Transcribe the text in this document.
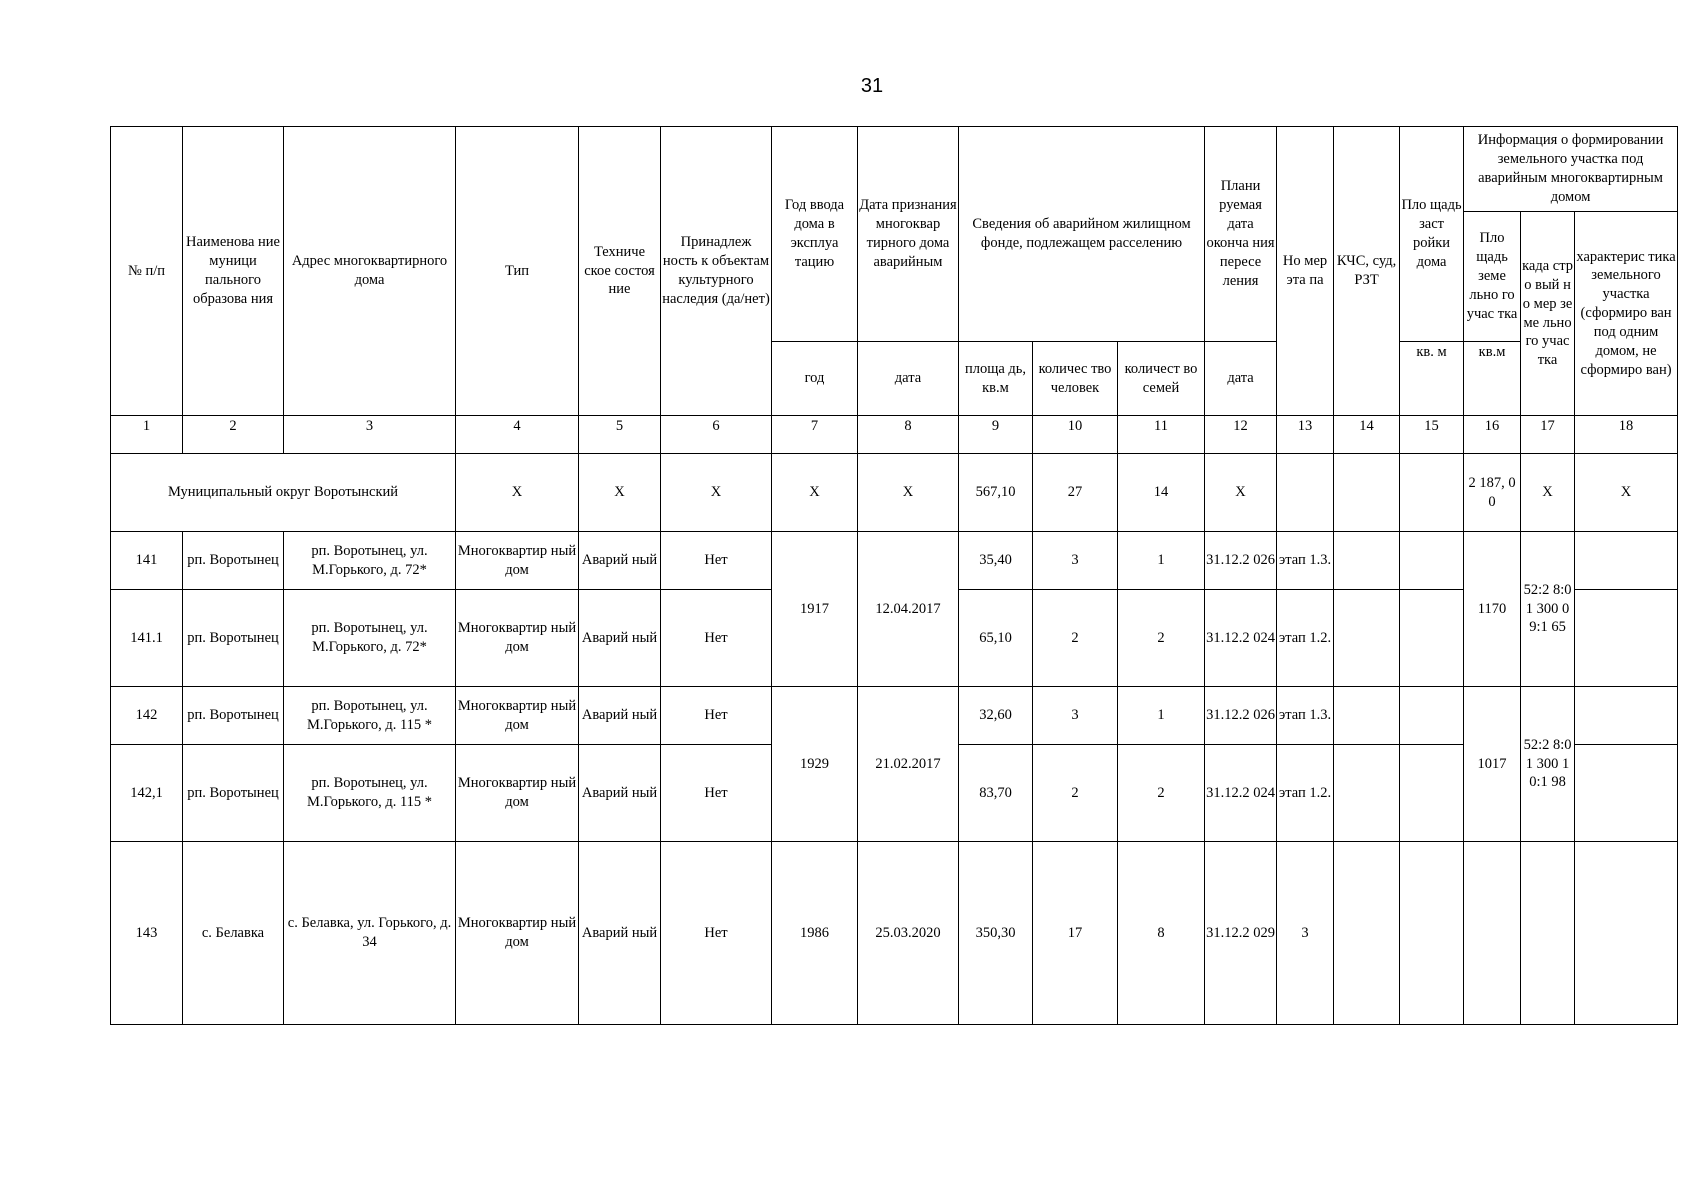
31
№ п/п	Наименова ние муници пального образова ния	Адрес многоквартирного дома	Тип	Техниче ское состоя ние	Принадлеж ность к объектам культурного наследия (да/нет)	Год ввода дома в эксплуа тацию	Дата признания многоквар тирного дома аварийным	Сведения об аварийном жилищном фонде, подлежащем расселению			Плани руемая дата оконча ния пересе ления	Но мер эта па	КЧС, суд, РЗТ	Пло щадь заст ройки дома	Информация о формировании земельного участка под аварийным многоквартирным домом		
															Пло щадь земе льно го учас тка	када стро вый но мер земе льно го учас тка	характерис тика земельного участка (сформиро ван под одним домом, не сформиро ван)
						год	дата	площа дь, кв.м	количес тво человек	количест во семей	дата			кв. м	кв.м		
1	2	3	4	5	6	7	8	9	10	11	12	13	14	15	16	17	18
Муниципальный округ Воротынский			Х	Х	Х	Х	Х	567,10	27	14	Х				2 187, 00	Х	Х
141	рп. Воротынец	рп. Воротынец, ул. М.Горького, д. 72*	Многоквартир ный дом	Аварий ный	Нет	1917	12.04.2017	35,40	3	1	31.12.2 026	этап 1.3.			1170	52:2 8:01 300 09:1 65	
141.1	рп. Воротынец	рп. Воротынец, ул. М.Горького, д. 72*	Многоквартир ный дом	Аварий ный	Нет			65,10	2	2	31.12.2 024	этап 1.2.					
142	рп. Воротынец	рп. Воротынец, ул. М.Горького, д. 115 *	Многоквартир ный дом	Аварий ный	Нет	1929	21.02.2017	32,60	3	1	31.12.2 026	этап 1.3.			1017	52:2 8:01 300 10:1 98	
142,1	рп. Воротынец	рп. Воротынец, ул. М.Горького, д. 115 *	Многоквартир ный дом	Аварий ный	Нет			83,70	2	2	31.12.2 024	этап 1.2.					
143	с. Белавка	с. Белавка, ул. Горького, д. 34	Многоквартир ный дом	Аварий ный	Нет	1986	25.03.2020	350,30	17	8	31.12.2 029	3					
